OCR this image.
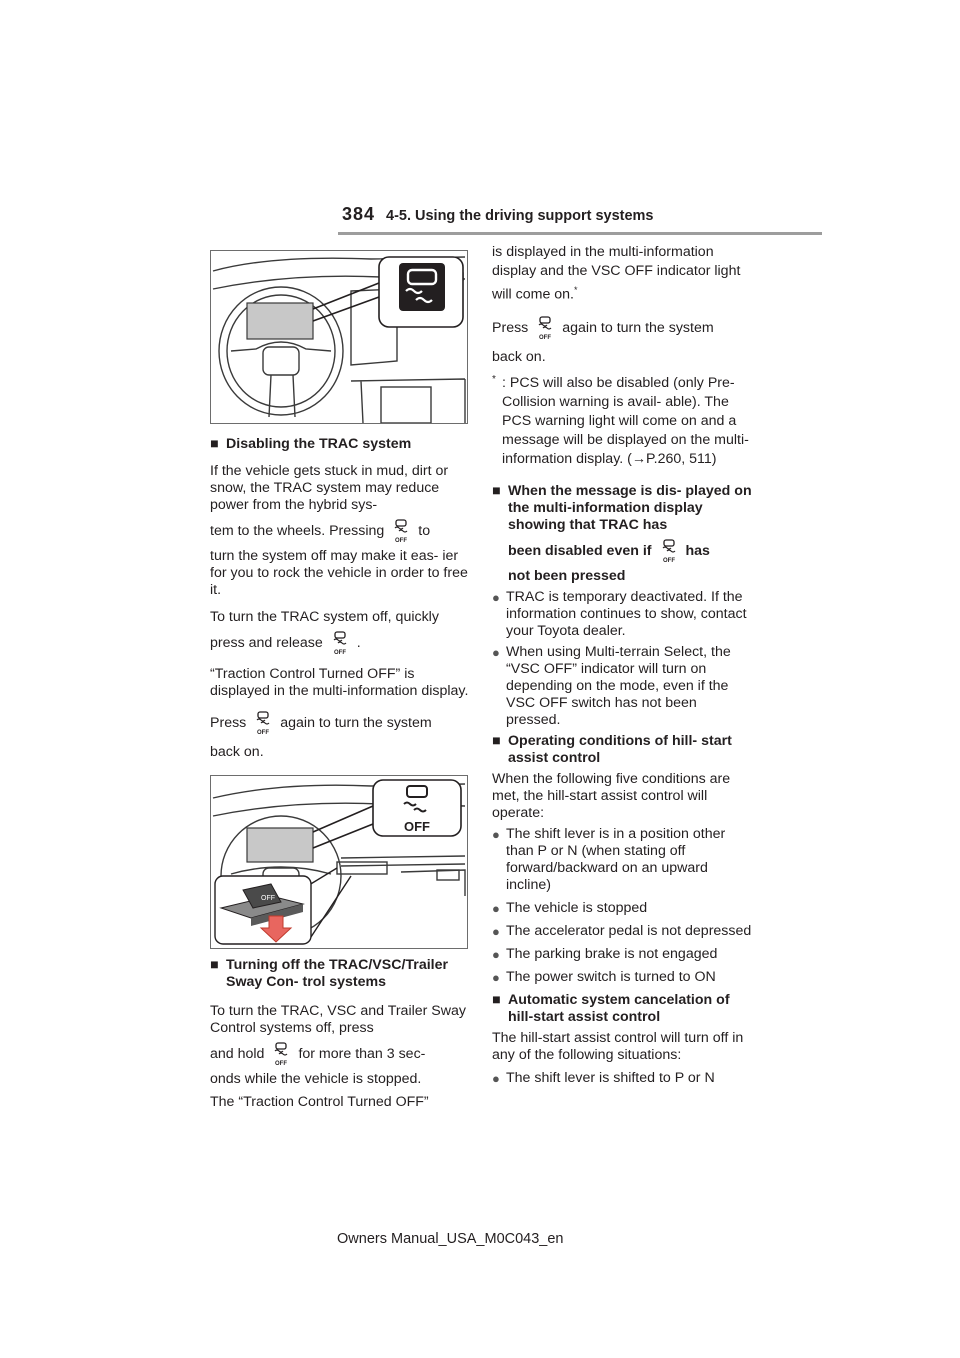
384 4-5. Using the driving support systems

■ Disabling the TRAC system

If the vehicle gets stuck in mud, dirt or snow, the TRAC system may reduce power from the hybrid sys-

tem to the wheels. Pressing to

turn the system off may make it eas- ier for you to rock the vehicle in order to free it.

To turn the TRAC system off, quickly

press and release .

“Traction Control Turned OFF” is displayed in the multi-information display.

Press again to turn the system

back on.

OFF
OFF

■ Turning off the TRAC/VSC/Trailer Sway Con- trol systems

To turn the TRAC, VSC and Trailer Sway Control systems off, press

and hold for more than 3 sec-

onds while the vehicle is stopped.

The “Traction Control Turned OFF”

is displayed in the multi-information display and the VSC OFF indicator light will come on.*

Press again to turn the system

back on.

* : PCS will also be disabled (only Pre-Collision warning is avail- able). The PCS warning light will come on and a message will be displayed on the multi-information display. (→P.260, 511)

■ When the message is dis- played on the multi-information display showing that TRAC has

been disabled even if has

not been pressed

● TRAC is temporary deactivated. If the information continues to show, contact your Toyota dealer.

● When using Multi-terrain Select, the “VSC OFF” indicator will turn on depending on the mode, even if the VSC OFF switch has not been pressed.

■ Operating conditions of hill- start assist control

When the following five conditions are met, the hill-start assist control will operate:

● The shift lever is in a position other than P or N (when stating off forward/backward on an upward incline)

● The vehicle is stopped

● The accelerator pedal is not depressed

● The parking brake is not engaged

● The power switch is turned to ON

■ Automatic system cancelation of hill-start assist control

The hill-start assist control will turn off in any of the following situations:

● The shift lever is shifted to P or N

Owners Manual_USA_M0C043_en
